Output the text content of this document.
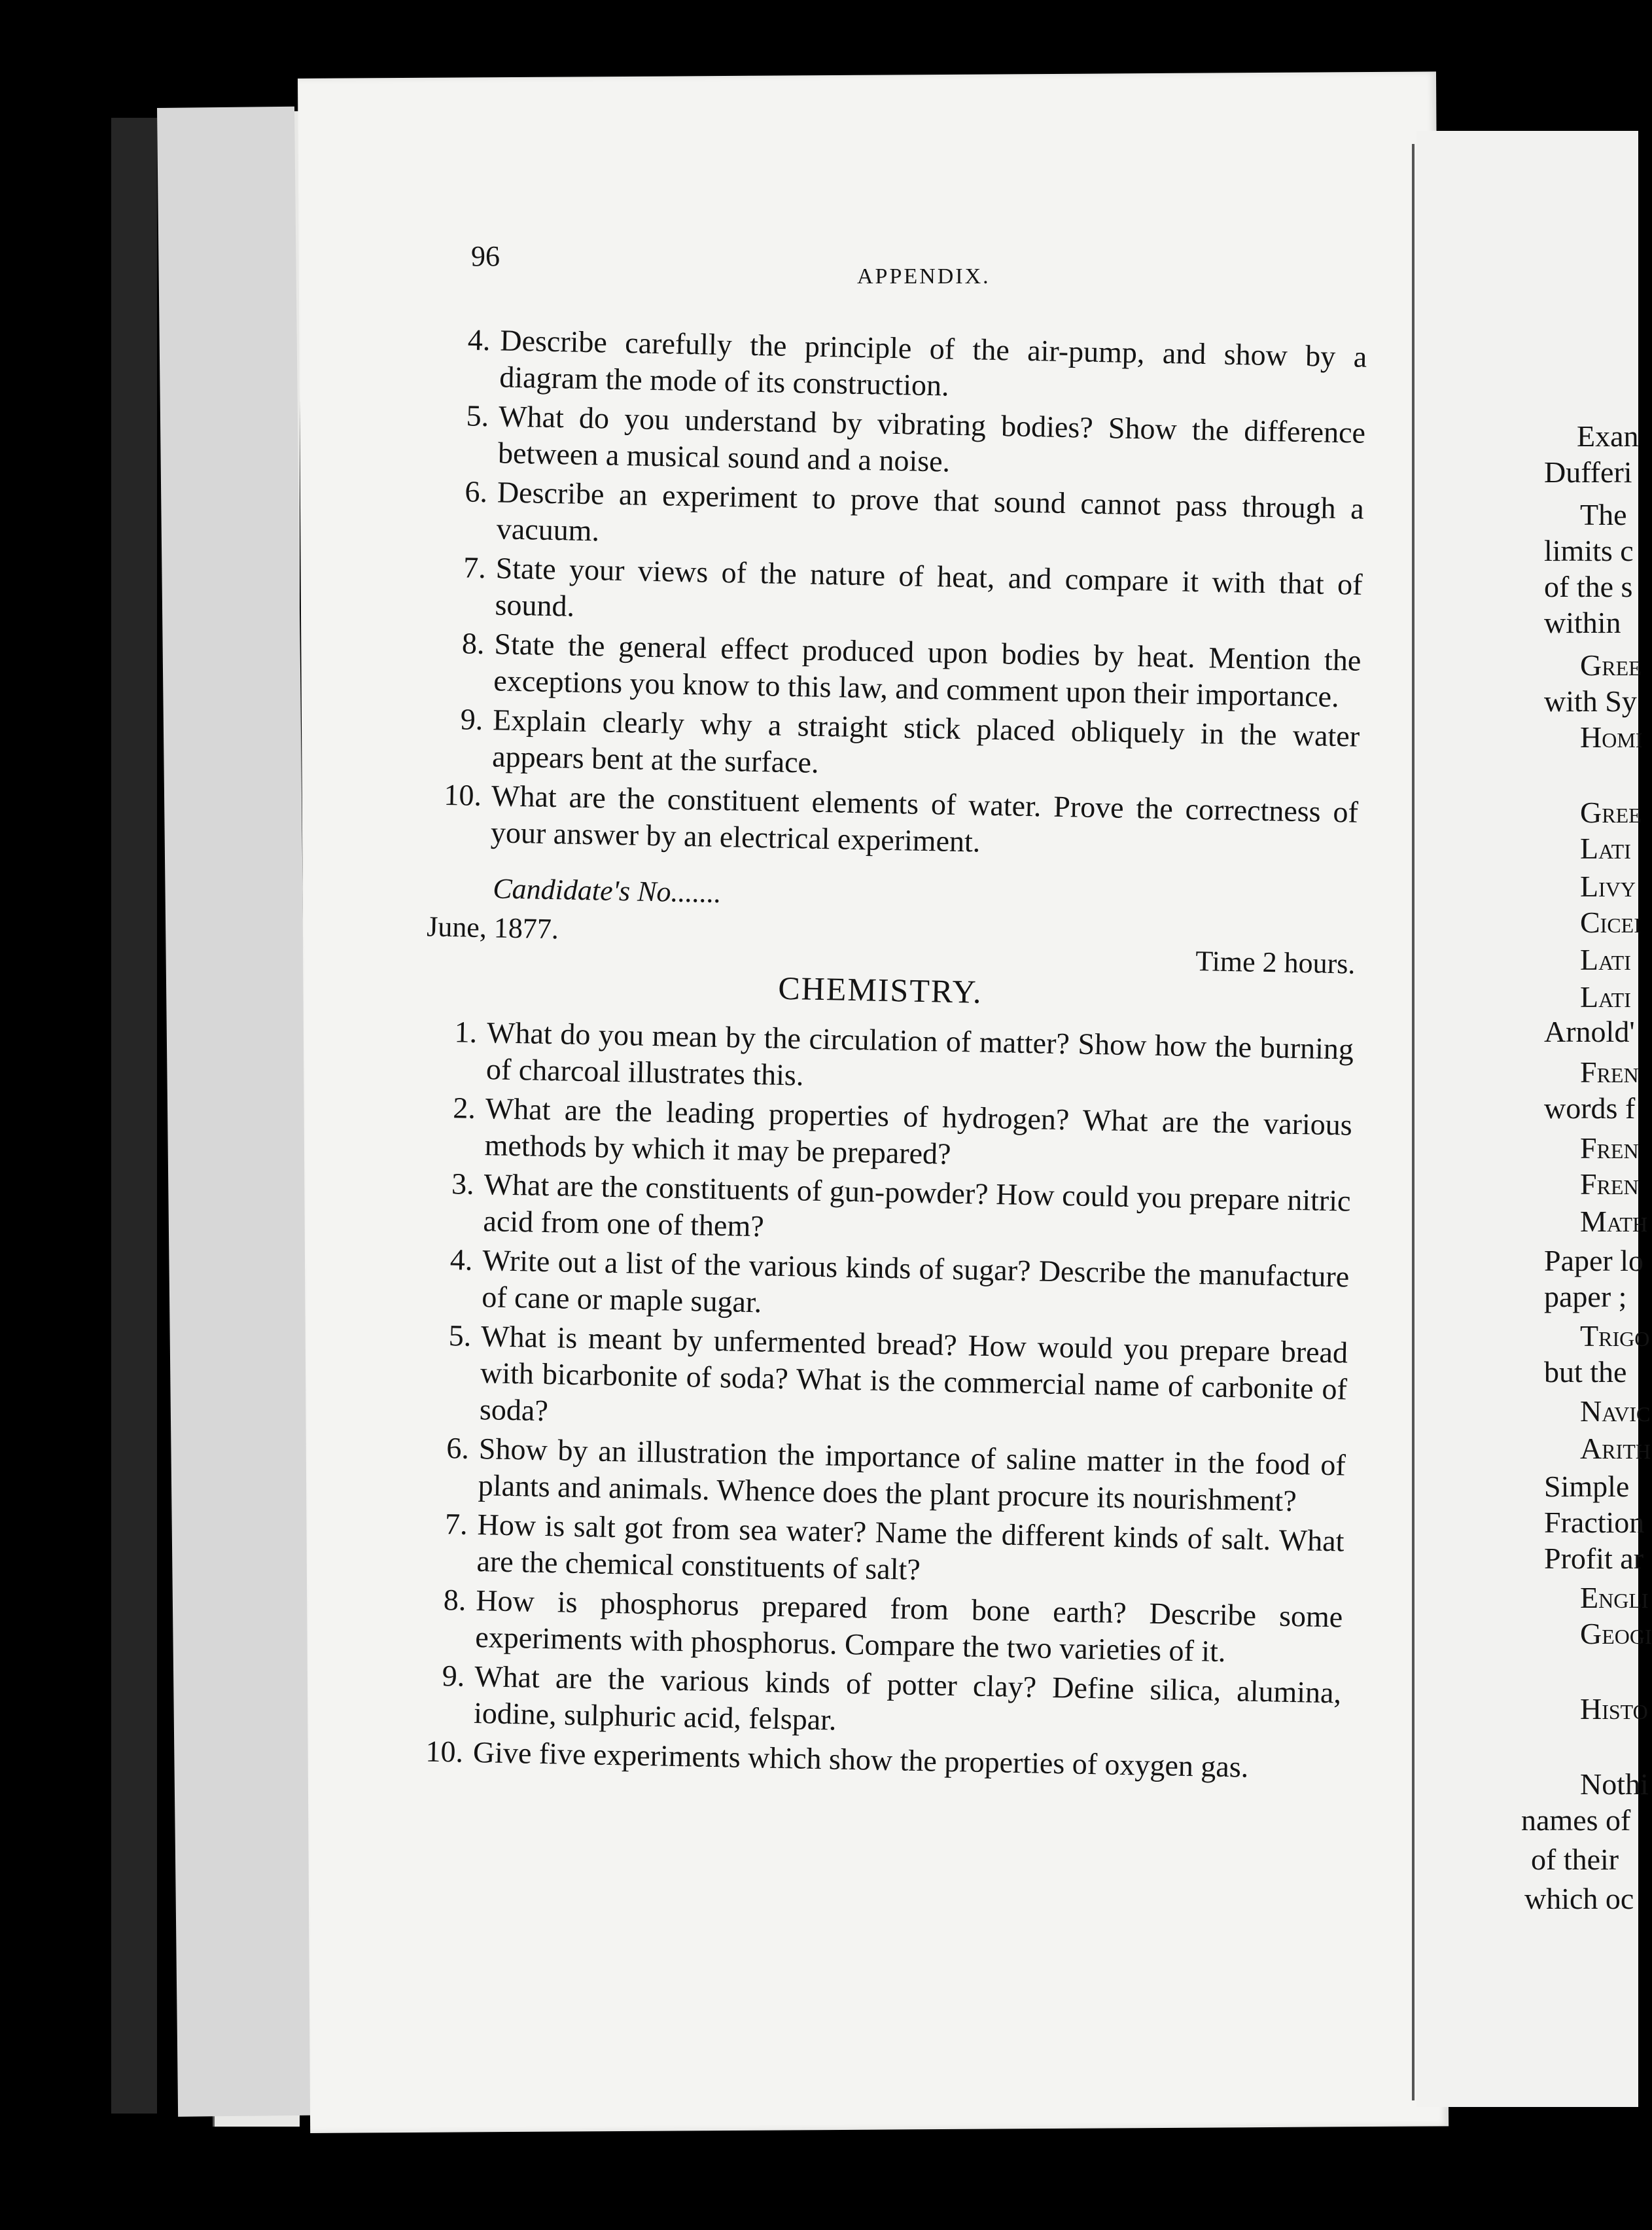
96
APPENDIX.
4. Describe carefully the principle of the air-pump, and show by a diagram the mode of its construction.
5. What do you understand by vibrating bodies? Show the difference between a musical sound and a noise.
6. Describe an experiment to prove that sound cannot pass through a vacuum.
7. State your views of the nature of heat, and compare it with that of sound.
8. State the general effect produced upon bodies by heat. Mention the exceptions you know to this law, and comment upon their importance.
9. Explain clearly why a straight stick placed obliquely in the water appears bent at the surface.
10. What are the constituent elements of water. Prove the correctness of your answer by an electrical experiment.
Candidate's No.......
June, 1877.
Time 2 hours.
CHEMISTRY.
1. What do you mean by the circulation of matter? Show how the burning of charcoal illustrates this.
2. What are the leading properties of hydrogen? What are the various methods by which it may be prepared?
3. What are the constituents of gun-powder? How could you prepare nitric acid from one of them?
4. Write out a list of the various kinds of sugar? Describe the manufacture of cane or maple sugar.
5. What is meant by unfermented bread? How would you prepare bread with bicarbonite of soda? What is the commercial name of carbonite of soda?
6. Show by an illustration the importance of saline matter in the food of plants and animals. Whence does the plant procure its nourishment?
7. How is salt got from sea water? Name the different kinds of salt. What are the chemical constituents of salt?
8. How is phosphorus prepared from bone earth? Describe some experiments with phosphorus. Compare the two varieties of it.
9. What are the various kinds of potter clay? Define silica, alumina, iodine, sulphuric acid, felspar.
10. Give five experiments which show the properties of oxygen gas.
Exan
Dufferi
The
limits c
of the s
within
Gree
with Sy
Homi
Gree
Lati
Livy
Cicei
Lati
Lati
Arnold'
Fren
words f
Fren
Fren
Math
Paper lo
paper ;
Trigo
but the
Navic
Arith
Simple
Fraction
Profit ar
Engli
Geogi
Histo
Nothi
names of
of their
which oc
